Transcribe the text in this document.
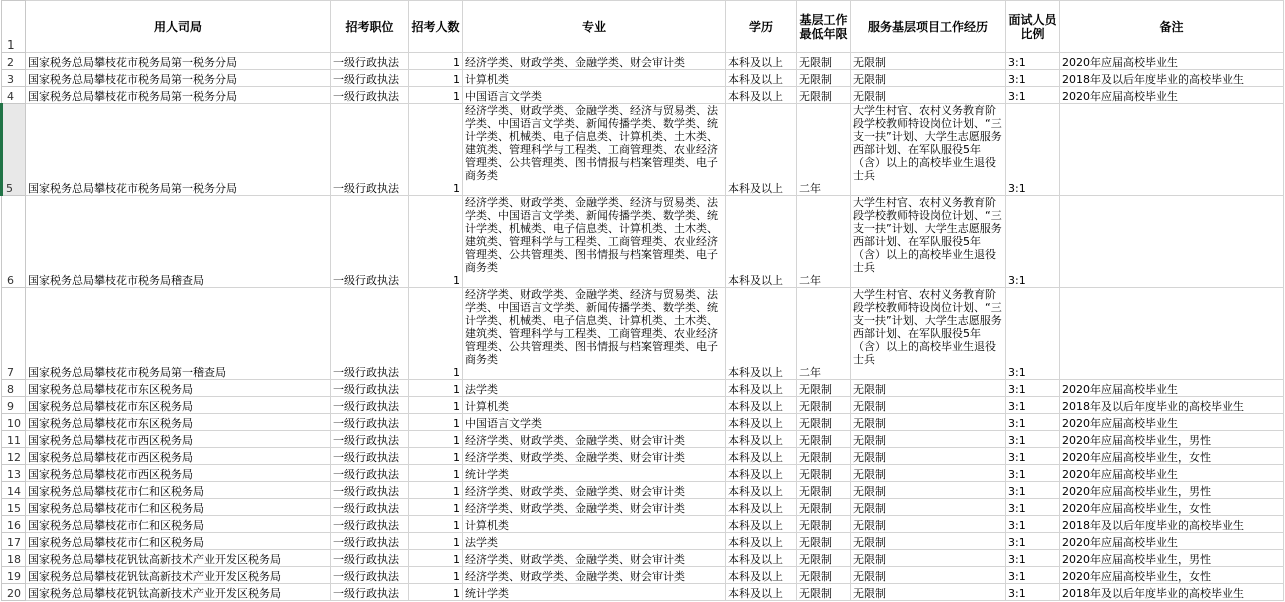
1	用人司局	招考职位	招考人数	专业	学历	基层工作最低年限	服务基层项目工作经历	面试人员比例	备注
2	国家税务总局攀枝花市税务局第一税务分局	一级行政执法	1	经济学类、财政学类、金融学类、财会审计类	本科及以上	无限制	无限制	3:1	2020年应届高校毕业生
3	国家税务总局攀枝花市税务局第一税务分局	一级行政执法	1	计算机类	本科及以上	无限制	无限制	3:1	2018年及以后年度毕业的高校毕业生
4	国家税务总局攀枝花市税务局第一税务分局	一级行政执法	1	中国语言文学类	本科及以上	无限制	无限制	3:1	2020年应届高校毕业生
5	国家税务总局攀枝花市税务局第一税务分局	一级行政执法	1	经济学类、财政学类、金融学类、经济与贸易类、法学类、中国语言文学类、新闻传播学类、数学类、统计学类、机械类、电子信息类、计算机类、土木类、建筑类、管理科学与工程类、工商管理类、农业经济管理类、公共管理类、图书情报与档案管理类、电子商务类	本科及以上	二年	大学生村官、农村义务教育阶段学校教师特设岗位计划、“三支一扶”计划、大学生志愿服务西部计划、在军队服役5年（含）以上的高校毕业生退役士兵	3:1	
6	国家税务总局攀枝花市税务局稽查局	一级行政执法	1	经济学类、财政学类、金融学类、经济与贸易类、法学类、中国语言文学类、新闻传播学类、数学类、统计学类、机械类、电子信息类、计算机类、土木类、建筑类、管理科学与工程类、工商管理类、农业经济管理类、公共管理类、图书情报与档案管理类、电子商务类	本科及以上	二年	大学生村官、农村义务教育阶段学校教师特设岗位计划、“三支一扶”计划、大学生志愿服务西部计划、在军队服役5年（含）以上的高校毕业生退役士兵	3:1	
7	国家税务总局攀枝花市税务局第一稽查局	一级行政执法	1	经济学类、财政学类、金融学类、经济与贸易类、法学类、中国语言文学类、新闻传播学类、数学类、统计学类、机械类、电子信息类、计算机类、土木类、建筑类、管理科学与工程类、工商管理类、农业经济管理类、公共管理类、图书情报与档案管理类、电子商务类	本科及以上	二年	大学生村官、农村义务教育阶段学校教师特设岗位计划、“三支一扶”计划、大学生志愿服务西部计划、在军队服役5年（含）以上的高校毕业生退役士兵	3:1	
8	国家税务总局攀枝花市东区税务局	一级行政执法	1	法学类	本科及以上	无限制	无限制	3:1	2020年应届高校毕业生
9	国家税务总局攀枝花市东区税务局	一级行政执法	1	计算机类	本科及以上	无限制	无限制	3:1	2018年及以后年度毕业的高校毕业生
10	国家税务总局攀枝花市东区税务局	一级行政执法	1	中国语言文学类	本科及以上	无限制	无限制	3:1	2020年应届高校毕业生
11	国家税务总局攀枝花市西区税务局	一级行政执法	1	经济学类、财政学类、金融学类、财会审计类	本科及以上	无限制	无限制	3:1	2020年应届高校毕业生，男性
12	国家税务总局攀枝花市西区税务局	一级行政执法	1	经济学类、财政学类、金融学类、财会审计类	本科及以上	无限制	无限制	3:1	2020年应届高校毕业生，女性
13	国家税务总局攀枝花市西区税务局	一级行政执法	1	统计学类	本科及以上	无限制	无限制	3:1	2020年应届高校毕业生
14	国家税务总局攀枝花市仁和区税务局	一级行政执法	1	经济学类、财政学类、金融学类、财会审计类	本科及以上	无限制	无限制	3:1	2020年应届高校毕业生，男性
15	国家税务总局攀枝花市仁和区税务局	一级行政执法	1	经济学类、财政学类、金融学类、财会审计类	本科及以上	无限制	无限制	3:1	2020年应届高校毕业生，女性
16	国家税务总局攀枝花市仁和区税务局	一级行政执法	1	计算机类	本科及以上	无限制	无限制	3:1	2018年及以后年度毕业的高校毕业生
17	国家税务总局攀枝花市仁和区税务局	一级行政执法	1	法学类	本科及以上	无限制	无限制	3:1	2020年应届高校毕业生
18	国家税务总局攀枝花钒钛高新技术产业开发区税务局	一级行政执法	1	经济学类、财政学类、金融学类、财会审计类	本科及以上	无限制	无限制	3:1	2020年应届高校毕业生，男性
19	国家税务总局攀枝花钒钛高新技术产业开发区税务局	一级行政执法	1	经济学类、财政学类、金融学类、财会审计类	本科及以上	无限制	无限制	3:1	2020年应届高校毕业生，女性
20	国家税务总局攀枝花钒钛高新技术产业开发区税务局	一级行政执法	1	统计学类	本科及以上	无限制	无限制	3:1	2018年及以后年度毕业的高校毕业生
